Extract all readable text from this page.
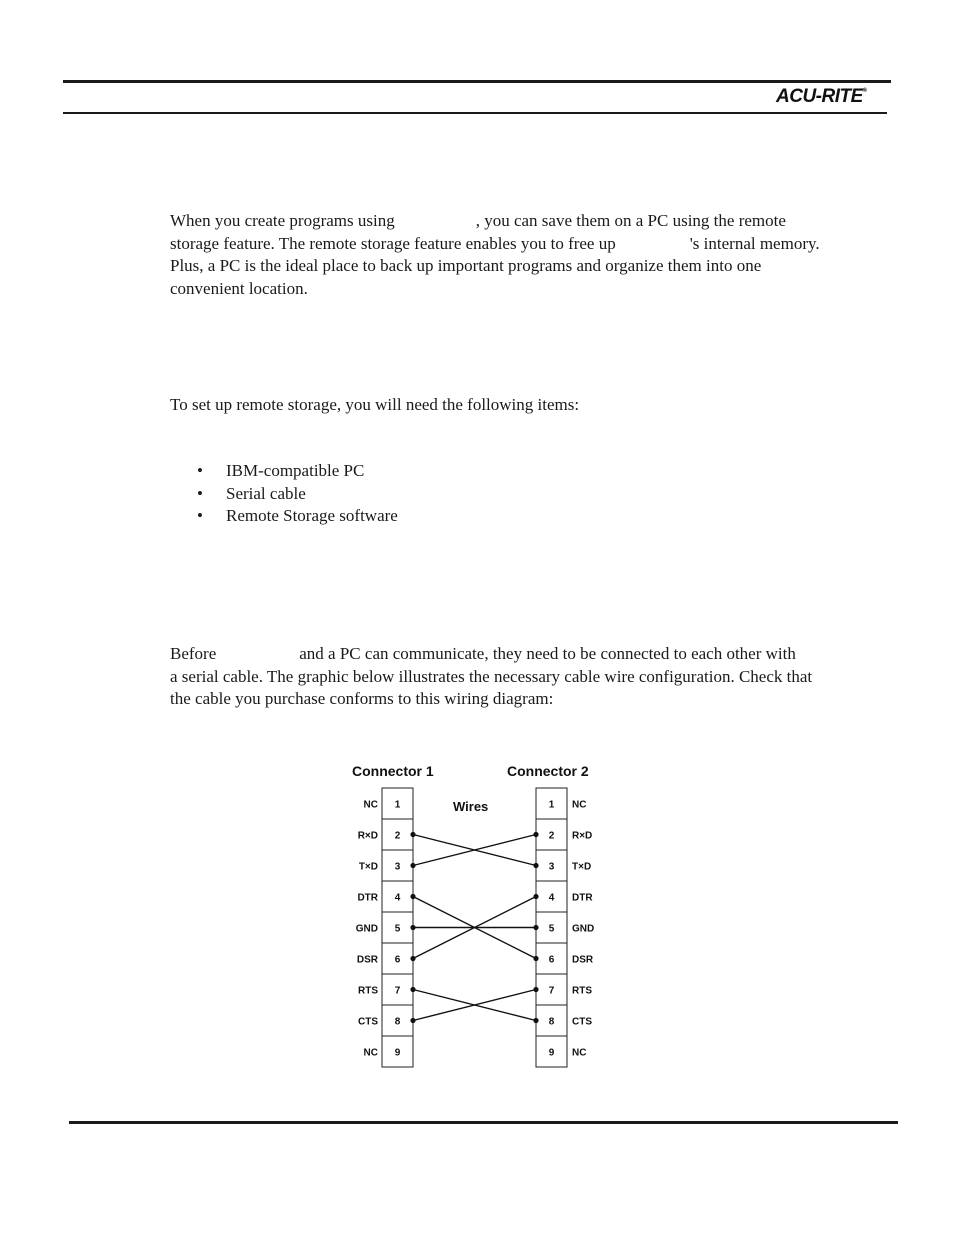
ACU-RITE®
When you create programs using	, you can save them on a PC using the remote
storage feature. The remote storage feature enables you to free up	's internal memory.
Plus, a PC is the ideal place to back up important programs and organize them into one
convenient location.
To set up remote storage, you will need the following items:
• IBM-compatible PC
• Serial cable
• Remote Storage software
Before	and a PC can communicate, they need to be connected to each other with
a serial cable. The graphic below illustrates the necessary cable wire configuration. Check that
the cable you purchase conforms to this wiring diagram:
Connector 1	Connector 2
Wires
NC 1	1 NC
R×D 2	2 R×D
T×D 3	3 T×D
DTR 4	4 DTR
GND 5	5 GND
DSR 6	6 DSR
RTS 7	7 RTS
CTS 8	8 CTS
NC 9	9 NC
